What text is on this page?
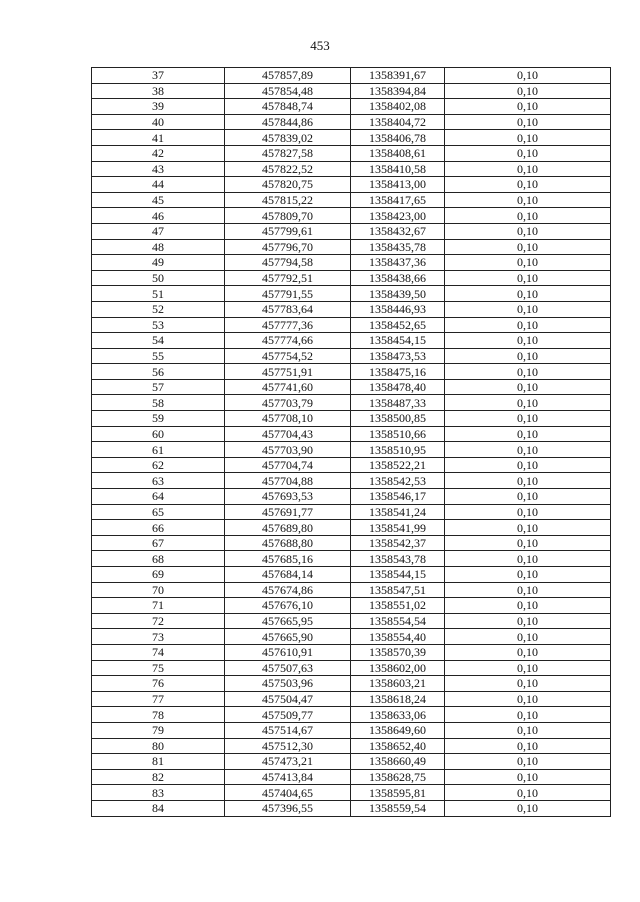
453
37	457857,89	1358391,67	0,10
38	457854,48	1358394,84	0,10
39	457848,74	1358402,08	0,10
40	457844,86	1358404,72	0,10
41	457839,02	1358406,78	0,10
42	457827,58	1358408,61	0,10
43	457822,52	1358410,58	0,10
44	457820,75	1358413,00	0,10
45	457815,22	1358417,65	0,10
46	457809,70	1358423,00	0,10
47	457799,61	1358432,67	0,10
48	457796,70	1358435,78	0,10
49	457794,58	1358437,36	0,10
50	457792,51	1358438,66	0,10
51	457791,55	1358439,50	0,10
52	457783,64	1358446,93	0,10
53	457777,36	1358452,65	0,10
54	457774,66	1358454,15	0,10
55	457754,52	1358473,53	0,10
56	457751,91	1358475,16	0,10
57	457741,60	1358478,40	0,10
58	457703,79	1358487,33	0,10
59	457708,10	1358500,85	0,10
60	457704,43	1358510,66	0,10
61	457703,90	1358510,95	0,10
62	457704,74	1358522,21	0,10
63	457704,88	1358542,53	0,10
64	457693,53	1358546,17	0,10
65	457691,77	1358541,24	0,10
66	457689,80	1358541,99	0,10
67	457688,80	1358542,37	0,10
68	457685,16	1358543,78	0,10
69	457684,14	1358544,15	0,10
70	457674,86	1358547,51	0,10
71	457676,10	1358551,02	0,10
72	457665,95	1358554,54	0,10
73	457665,90	1358554,40	0,10
74	457610,91	1358570,39	0,10
75	457507,63	1358602,00	0,10
76	457503,96	1358603,21	0,10
77	457504,47	1358618,24	0,10
78	457509,77	1358633,06	0,10
79	457514,67	1358649,60	0,10
80	457512,30	1358652,40	0,10
81	457473,21	1358660,49	0,10
82	457413,84	1358628,75	0,10
83	457404,65	1358595,81	0,10
84	457396,55	1358559,54	0,10
